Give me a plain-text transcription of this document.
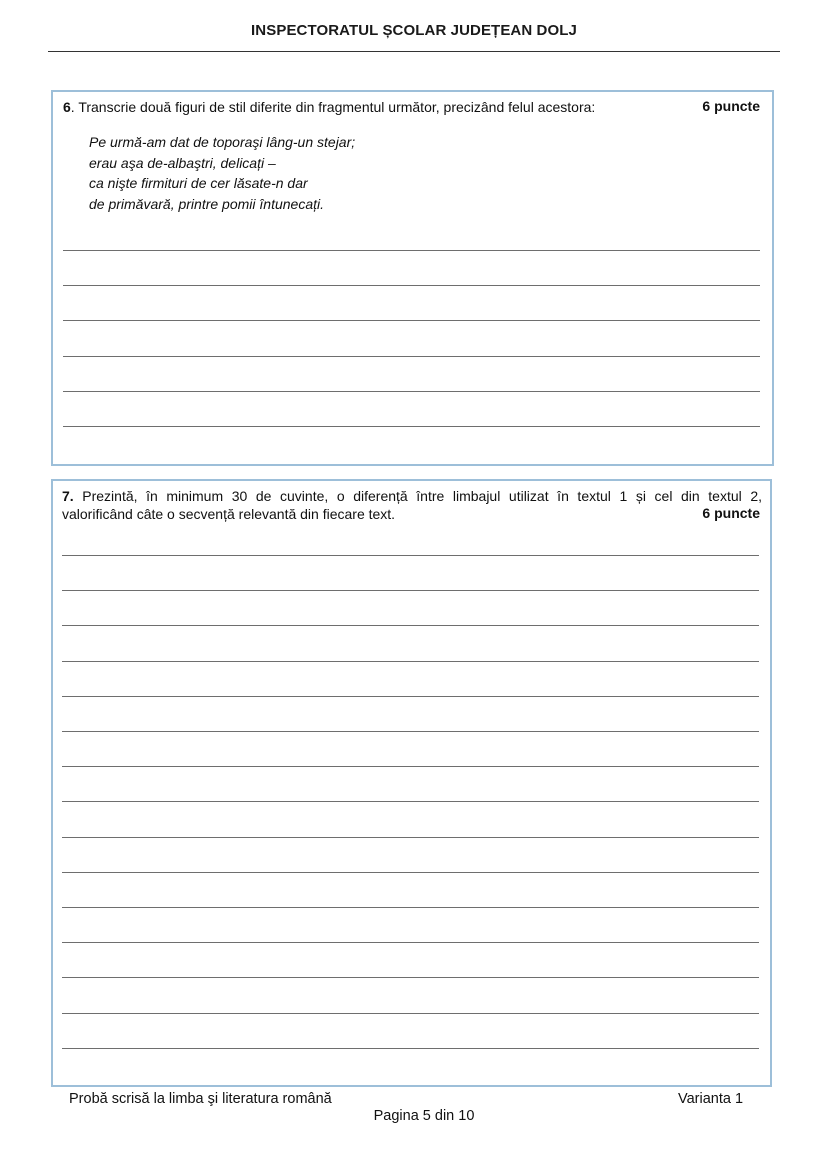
INSPECTORATUL ȘCOLAR JUDEȚEAN DOLJ
6. Transcrie două figuri de stil diferite din fragmentul următor, precizând felul acestora:	6 puncte
Pe urmă-am dat de toporaşi lâng-un stejar;
erau aşa de-albaştri, delicați –
ca nişte firmituri de cer lăsate-n dar
de primăvară, printre pomii întunecați.
7. Prezintă, în minimum 30 de cuvinte, o diferență între limbajul utilizat în textul 1 și cel din textul 2,
valorificând câte o secvență relevantă din fiecare text.	6 puncte
Probă scrisă la limba şi literatura română	Varianta 1
Pagina 5 din 10
